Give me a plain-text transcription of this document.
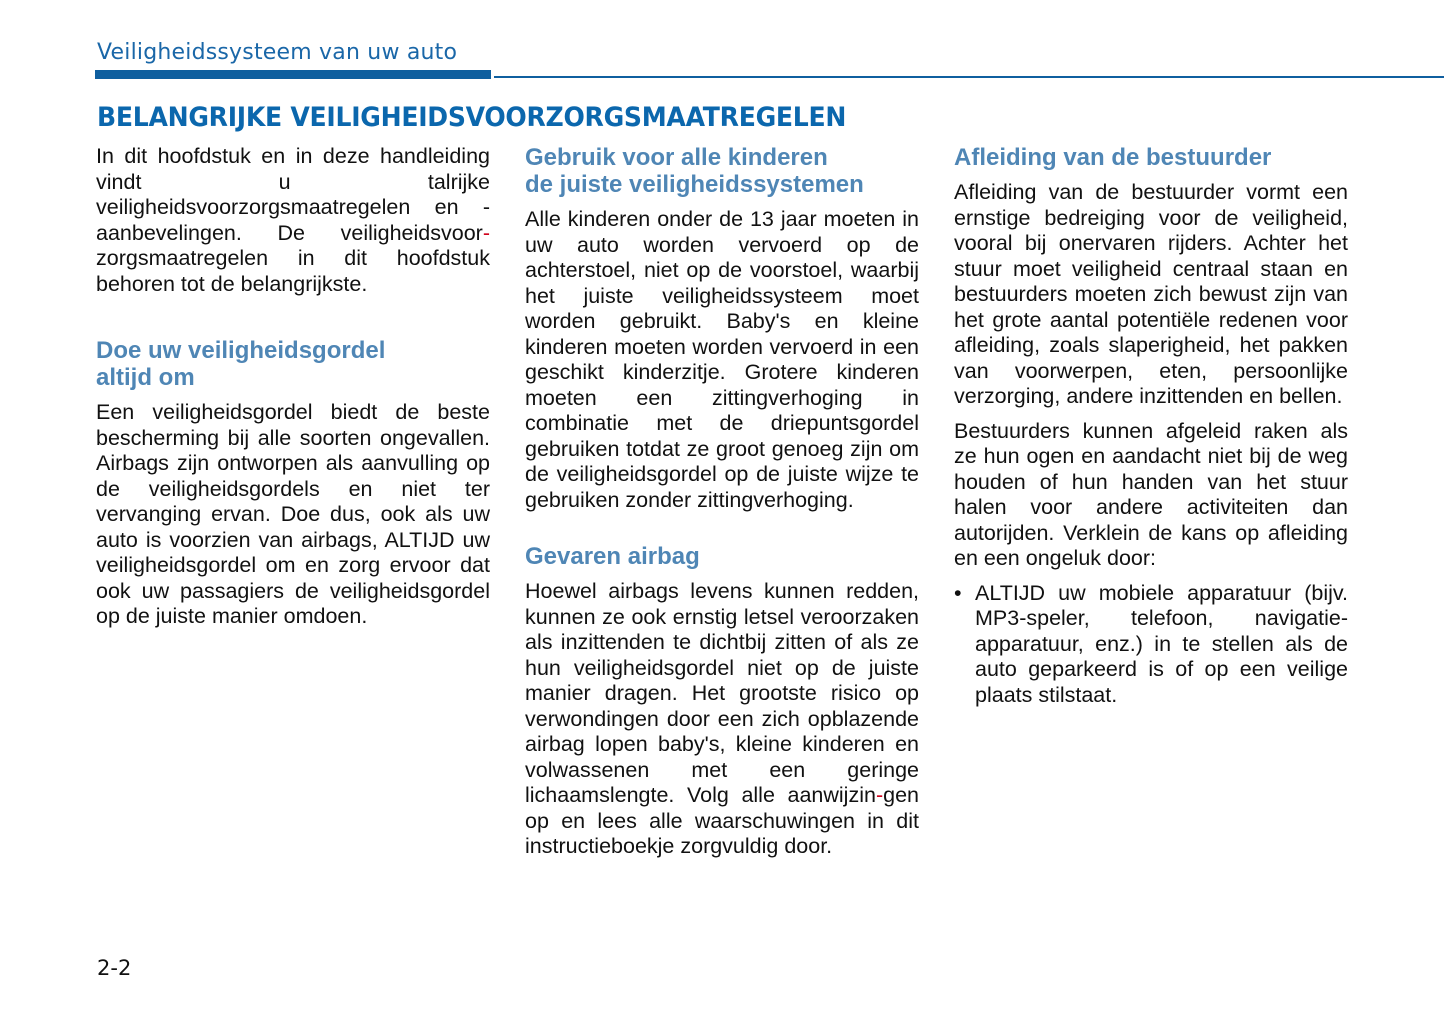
Veiligheidssysteem van uw auto
BELANGRIJKE VEILIGHEIDSVOORZORGSMAATREGELEN

In dit hoofdstuk en in deze handleiding vindt u talrijke veiligheidsvoorzorgsmaatregelen en -aanbevelingen. De veiligheidsvoor- zorgsmaatregelen in dit hoofdstuk behoren tot de belangrijkste.

Doe uw veiligheidsgordel
altijd om

Een veiligheidsgordel biedt de beste bescherming bij alle soorten ongevallen. Airbags zijn ontworpen als aanvulling op de veiligheidsgordels en niet ter vervanging ervan. Doe dus, ook als uw auto is voorzien van airbags, ALTIJD uw veiligheidsgordel om en zorg ervoor dat ook uw passagiers de veiligheidsgordel op de juiste manier omdoen.

Gebruik voor alle kinderen
de juiste veiligheidssystemen

Alle kinderen onder de 13 jaar moeten in uw auto worden vervoerd op de achterstoel, niet op de voorstoel, waarbij het juiste veiligheidssysteem moet worden gebruikt. Baby's en kleine kinderen moeten worden vervoerd in een geschikt kinderzitje. Grotere kinderen moeten een zittingverhoging in combinatie met de driepuntsgordel gebruiken totdat ze groot genoeg zijn om de veiligheidsgordel op de juiste wijze te gebruiken zonder zittingverhoging.

Gevaren airbag

Hoewel airbags levens kunnen redden, kunnen ze ook ernstig letsel veroorzaken als inzittenden te dichtbij zitten of als ze hun veiligheidsgordel niet op de juiste manier dragen. Het grootste risico op verwondingen door een zich opblazende airbag lopen baby's, kleine kinderen en volwassenen met een geringe lichaamslengte. Volg alle aanwijzin-gen op en lees alle waarschuwingen in dit instructieboekje zorgvuldig door.

Afleiding van de bestuurder

Afleiding van de bestuurder vormt een ernstige bedreiging voor de veiligheid, vooral bij onervaren rijders. Achter het stuur moet veiligheid centraal staan en bestuurders moeten zich bewust zijn van het grote aantal potentiële redenen voor afleiding, zoals slaperigheid, het pakken van voorwerpen, eten, persoonlijke verzorging, andere inzittenden en bellen.

Bestuurders kunnen afgeleid raken als ze hun ogen en aandacht niet bij de weg houden of hun handen van het stuur halen voor andere activiteiten dan autorijden. Verklein de kans op afleiding en een ongeluk door:

• ALTIJD uw mobiele apparatuur (bijv. MP3-speler, telefoon, navigatie-apparatuur, enz.) in te stellen als de auto geparkeerd is of op een veilige plaats stilstaat.
2-2
